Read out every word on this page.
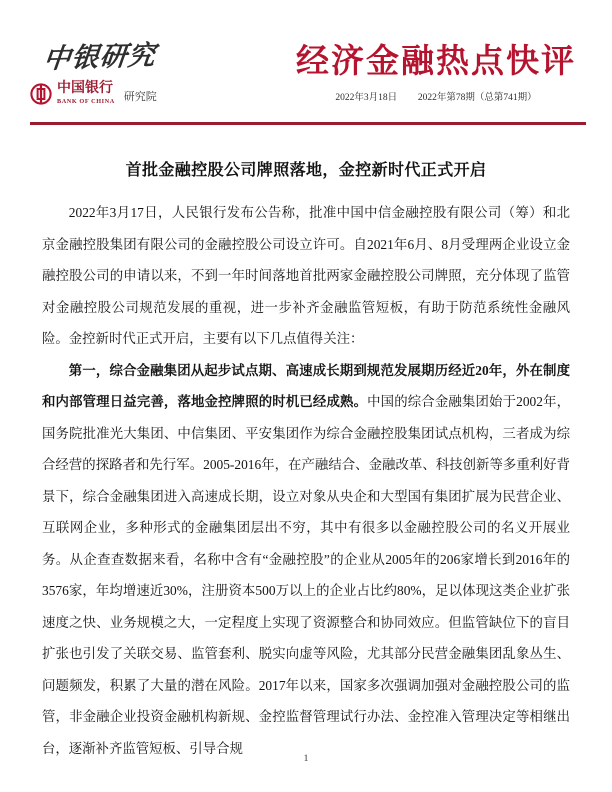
中银研究
中国银行
BANK OF CHINA 研究院
经济金融热点快评
2022年3月18日 2022年第78期（总第741期）
首批金融控股公司牌照落地，金控新时代正式开启

2022年3月17日，人民银行发布公告称，批准中国中信金融控股有限公司（筹）和北京金融控股集团有限公司的金融控股公司设立许可。自2021年6月、8月受理两企业设立金融控股公司的申请以来，不到一年时间落地首批两家金融控股公司牌照，充分体现了监管对金融控股公司规范发展的重视，进一步补齐金融监管短板，有助于防范系统性金融风险。金控新时代正式开启，主要有以下几点值得关注：

第一，综合金融集团从起步试点期、高速成长期到规范发展期历经近20年，外在制度和内部管理日益完善，落地金控牌照的时机已经成熟。中国的综合金融集团始于2002年，国务院批准光大集团、中信集团、平安集团作为综合金融控股集团试点机构，三者成为综合经营的探路者和先行军。2005-2016年，在产融结合、金融改革、科技创新等多重利好背景下，综合金融集团进入高速成长期，设立对象从央企和大型国有集团扩展为民营企业、互联网企业，多种形式的金融集团层出不穷，其中有很多以金融控股公司的名义开展业务。从企查查数据来看，名称中含有“金融控股”的企业从2005年的206家增长到2016年的3576家，年均增速近30%，注册资本500万以上的企业占比约80%，足以体现这类企业扩张速度之快、业务规模之大，一定程度上实现了资源整合和协同效应。但监管缺位下的盲目扩张也引发了关联交易、监管套利、脱实向虚等风险，尤其部分民营金融集团乱象丛生、问题频发，积累了大量的潜在风险。2017年以来，国家多次强调加强对金融控股公司的监管，非金融企业投资金融机构新规、金控监督管理试行办法、金控准入管理决定等相继出台，逐渐补齐监管短板、引导合规

1
